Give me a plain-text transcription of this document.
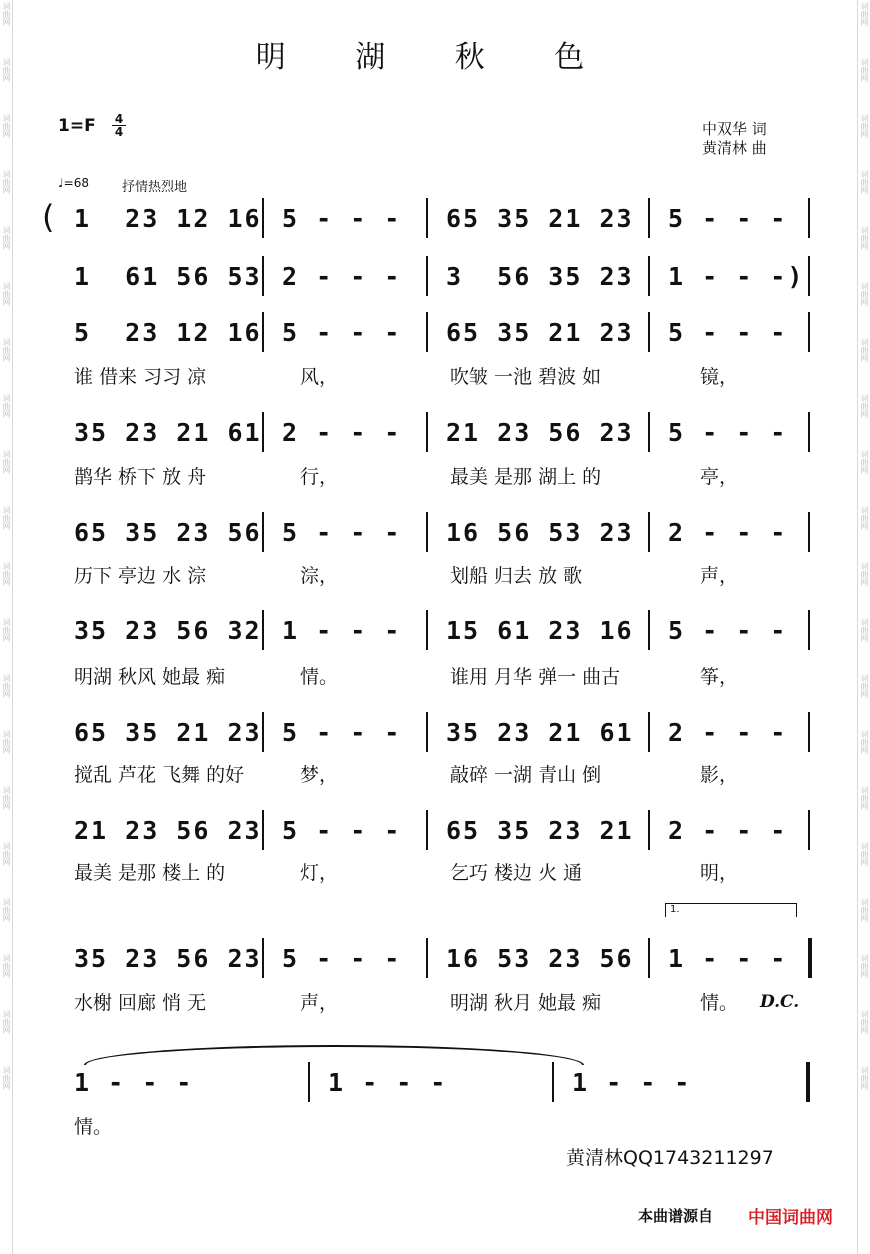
词曲网
词曲网
词曲网
词曲网
词曲网
词曲网
词曲网
词曲网
词曲网
词曲网
词曲网
词曲网
词曲网
词曲网
词曲网
词曲网
词曲网
词曲网
词曲网
词曲网
词曲网
词曲网
词曲网
词曲网
词曲网
词曲网
词曲网
词曲网
词曲网
词曲网
词曲网
词曲网
词曲网
词曲网
词曲网
词曲网
词曲网
词曲网
词曲网
词曲网
明 湖 秋 色
1=F 4
4	中双华 词
黄清林 曲
♩=68	抒情热烈地
( 1  23 12 16 5 - - - 65 35 21 23 5 - - -
1  61 56 53 2 - - - 3  56 35 23 1 - - -)
5  23 12 16 5 - - - 65 35 21 23 5 - - -
谁 借来 习习 凉	风，	吹皱 一池 碧波 如	镜，
35 23 21 61 2 - - - 21 23 56 23 5 - - -
鹊华 桥下 放 舟	行，	最美 是那 湖上 的	亭，
65 35 23 56 5 - - - 16 56 53 23 2 - - -
历下 亭边 水 淙	淙，	划船 归去 放 歌	声，
35 23 56 32 1 - - - 15 61 23 16 5 - - -
明湖 秋风 她最 痴	情。	谁用 月华 弹一 曲古	筝，
65 35 21 23 5 - - - 35 23 21 61 2 - - -
搅乱 芦花 飞舞 的好	梦，	敲碎 一湖 青山 倒	影，
21 23 56 23 5 - - - 65 35 23 21 2 - - -
最美 是那 楼上 的	灯，	乞巧 楼边 火 通	明，
35 23 56 23 5 - - - 16 53 23 56 1 - - -
水榭 回廊 悄 无	声，	明湖 秋月 她最 痴	情。
1 - - -	1 - - -	1 - - -
情。
1.
D.C.
黄清林QQ1743211297
本曲谱源自 中国词曲网
